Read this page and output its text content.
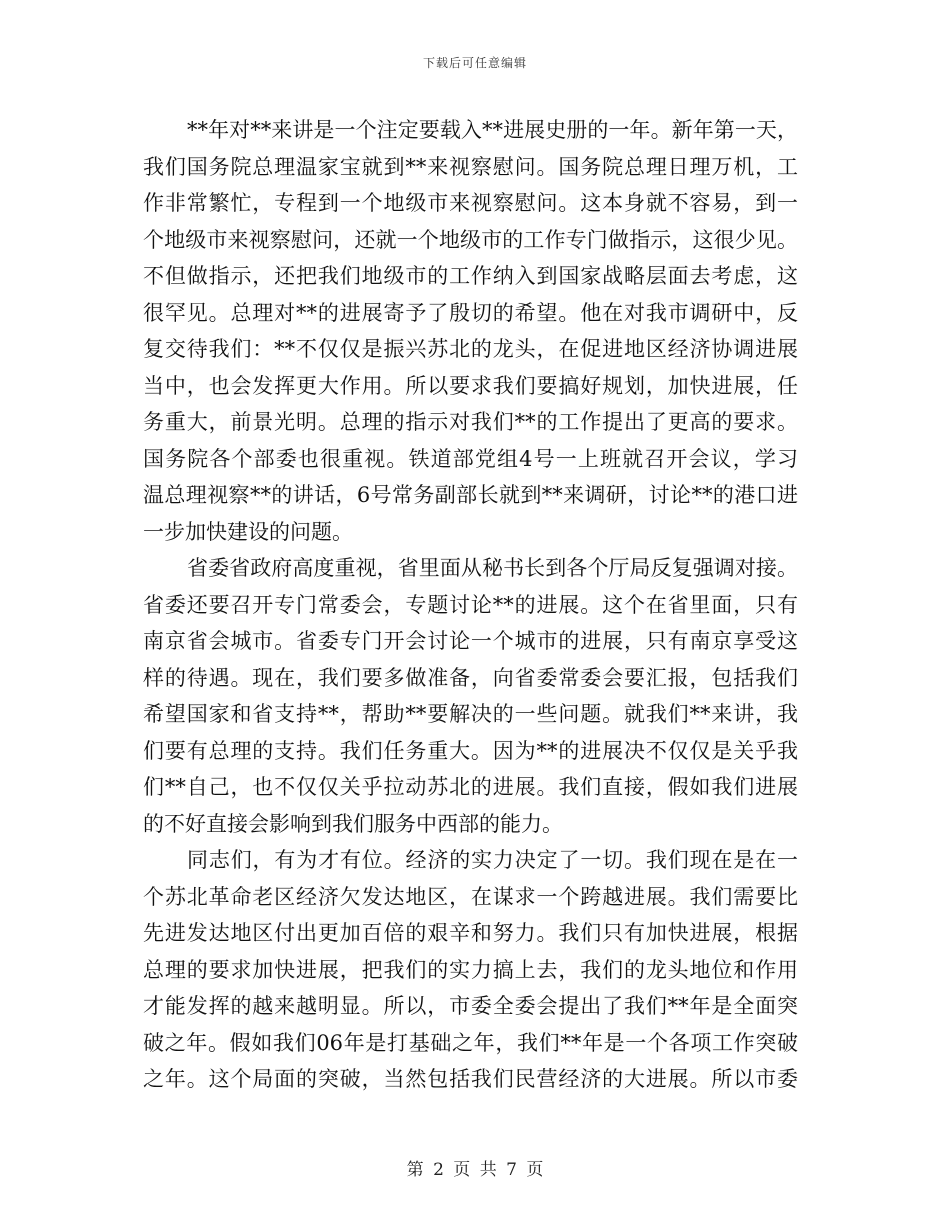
下载后可任意编辑
**年对**来讲是一个注定要载入**进展史册的一年。新年第一天，
我们国务院总理温家宝就到**来视察慰问。国务院总理日理万机，工
作非常繁忙，专程到一个地级市来视察慰问。这本身就不容易，到一
个地级市来视察慰问，还就一个地级市的工作专门做指示，这很少见。
不但做指示，还把我们地级市的工作纳入到国家战略层面去考虑，这
很罕见。总理对**的进展寄予了殷切的希望。他在对我市调研中，反
复交待我们：**不仅仅是振兴苏北的龙头，在促进地区经济协调进展
当中，也会发挥更大作用。所以要求我们要搞好规划，加快进展，任
务重大，前景光明。总理的指示对我们**的工作提出了更高的要求。
国务院各个部委也很重视。铁道部党组4号一上班就召开会议，学习
温总理视察**的讲话，6号常务副部长就到**来调研，讨论**的港口进
一步加快建设的问题。
省委省政府高度重视，省里面从秘书长到各个厅局反复强调对接。
省委还要召开专门常委会，专题讨论**的进展。这个在省里面，只有
南京省会城市。省委专门开会讨论一个城市的进展，只有南京享受这
样的待遇。现在，我们要多做准备，向省委常委会要汇报，包括我们
希望国家和省支持**，帮助**要解决的一些问题。就我们**来讲，我
们要有总理的支持。我们任务重大。因为**的进展决不仅仅是关乎我
们**自己，也不仅仅关乎拉动苏北的进展。我们直接，假如我们进展
的不好直接会影响到我们服务中西部的能力。
同志们，有为才有位。经济的实力决定了一切。我们现在是在一
个苏北革命老区经济欠发达地区，在谋求一个跨越进展。我们需要比
先进发达地区付出更加百倍的艰辛和努力。我们只有加快进展，根据
总理的要求加快进展，把我们的实力搞上去，我们的龙头地位和作用
才能发挥的越来越明显。所以，市委全委会提出了我们**年是全面突
破之年。假如我们06年是打基础之年，我们**年是一个各项工作突破
之年。这个局面的突破，当然包括我们民营经济的大进展。所以市委
第 2 页 共 7 页
